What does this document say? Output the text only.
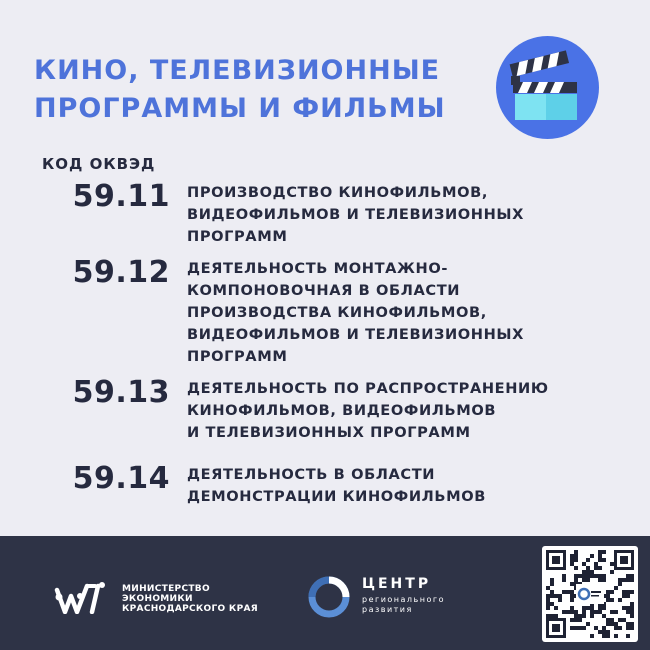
КИНО, ТЕЛЕВИЗИОННЫЕ
ПРОГРАММЫ И ФИЛЬМЫ
КОД ОКВЭД
59.11 ПРОИЗВОДСТВО КИНОФИЛЬМОВ,
ВИДЕОФИЛЬМОВ И ТЕЛЕВИЗИОННЫХ
ПРОГРАММ
59.12 ДЕЯТЕЛЬНОСТЬ МОНТАЖНО-
КОМПОНОВОЧНАЯ В ОБЛАСТИ
ПРОИЗВОДСТВА КИНОФИЛЬМОВ,
ВИДЕОФИЛЬМОВ И ТЕЛЕВИЗИОННЫХ
ПРОГРАММ
59.13 ДЕЯТЕЛЬНОСТЬ ПО РАСПРОСТРАНЕНИЮ
КИНОФИЛЬМОВ, ВИДЕОФИЛЬМОВ
И ТЕЛЕВИЗИОННЫХ ПРОГРАММ
59.14 ДЕЯТЕЛЬНОСТЬ В ОБЛАСТИ
ДЕМОНСТРАЦИИ КИНОФИЛЬМОВ
МИНИСТЕРСТВО
ЭКОНОМИКИ
КРАСНОДАРСКОГО КРАЯ
ЦЕНТР
регионального
развития
